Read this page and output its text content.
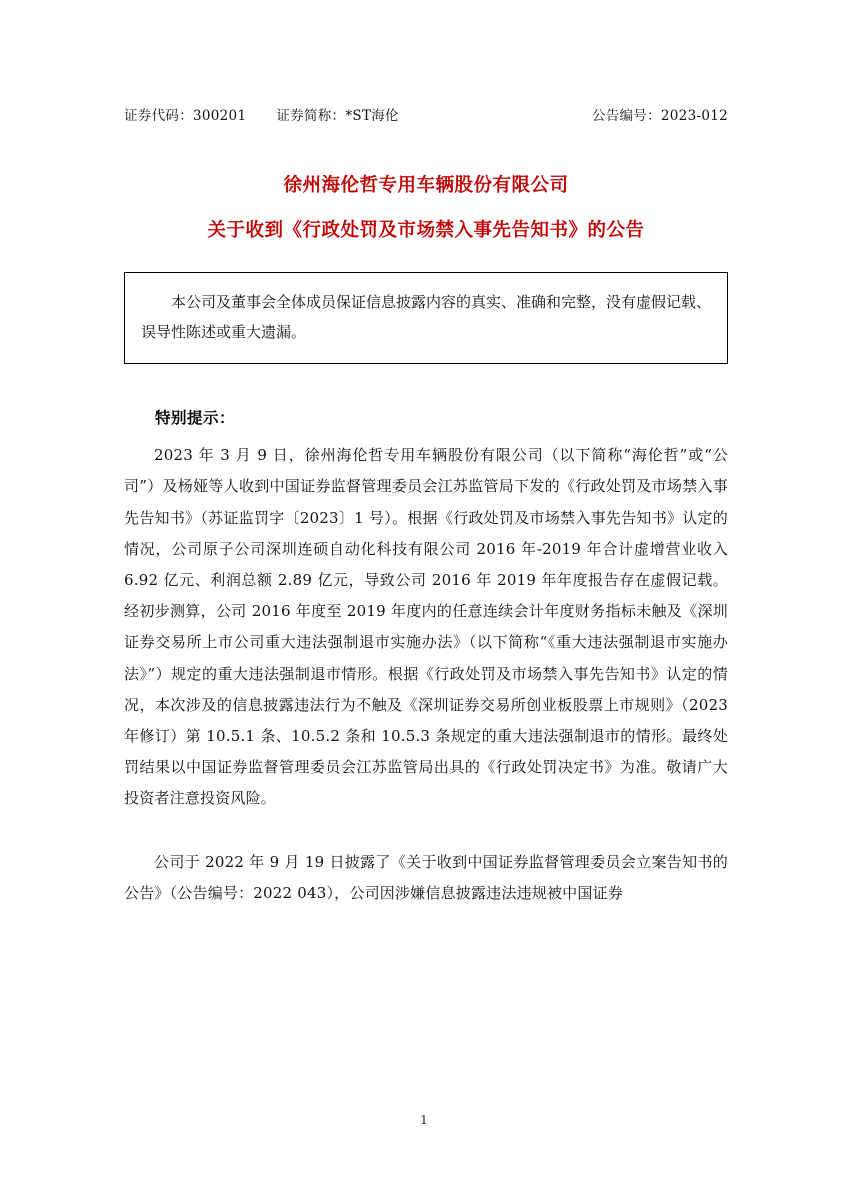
证券代码：300201 证券简称：*ST海伦	公告编号：2023-012
徐州海伦哲专用车辆股份有限公司
关于收到《行政处罚及市场禁入事先告知书》的公告

本公司及董事会全体成员保证信息披露内容的真实、准确和完整，没有虚假记载、误导性陈述或重大遗漏。

特别提示：

2023 年 3 月 9 日，徐州海伦哲专用车辆股份有限公司（以下简称“海伦哲”或“公司”）及杨娅等人收到中国证券监督管理委员会江苏监管局下发的《行政处罚及市场禁入事先告知书》（苏证监罚字〔2023〕1 号）。根据《行政处罚及市场禁入事先告知书》认定的情况，公司原子公司深圳连硕自动化科技有限公司 2016 年-2019 年合计虚增营业收入 6.92 亿元、利润总额 2.89 亿元，导致公司 2016 年 2019 年年度报告存在虚假记载。经初步测算，公司 2016 年度至 2019 年度内的任意连续会计年度财务指标未触及《深圳证券交易所上市公司重大违法强制退市实施办法》（以下简称“《重大违法强制退市实施办法》”）规定的重大违法强制退市情形。根据《行政处罚及市场禁入事先告知书》认定的情况，本次涉及的信息披露违法行为不触及《深圳证券交易所创业板股票上市规则》（2023 年修订）第 10.5.1 条、10.5.2 条和 10.5.3 条规定的重大违法强制退市的情形。最终处罚结果以中国证券监督管理委员会江苏监管局出具的《行政处罚决定书》为准。敬请广大投资者注意投资风险。

公司于 2022 年 9 月 19 日披露了《关于收到中国证券监督管理委员会立案告知书的公告》（公告编号：2022 043），公司因涉嫌信息披露违法违规被中国证券

1
